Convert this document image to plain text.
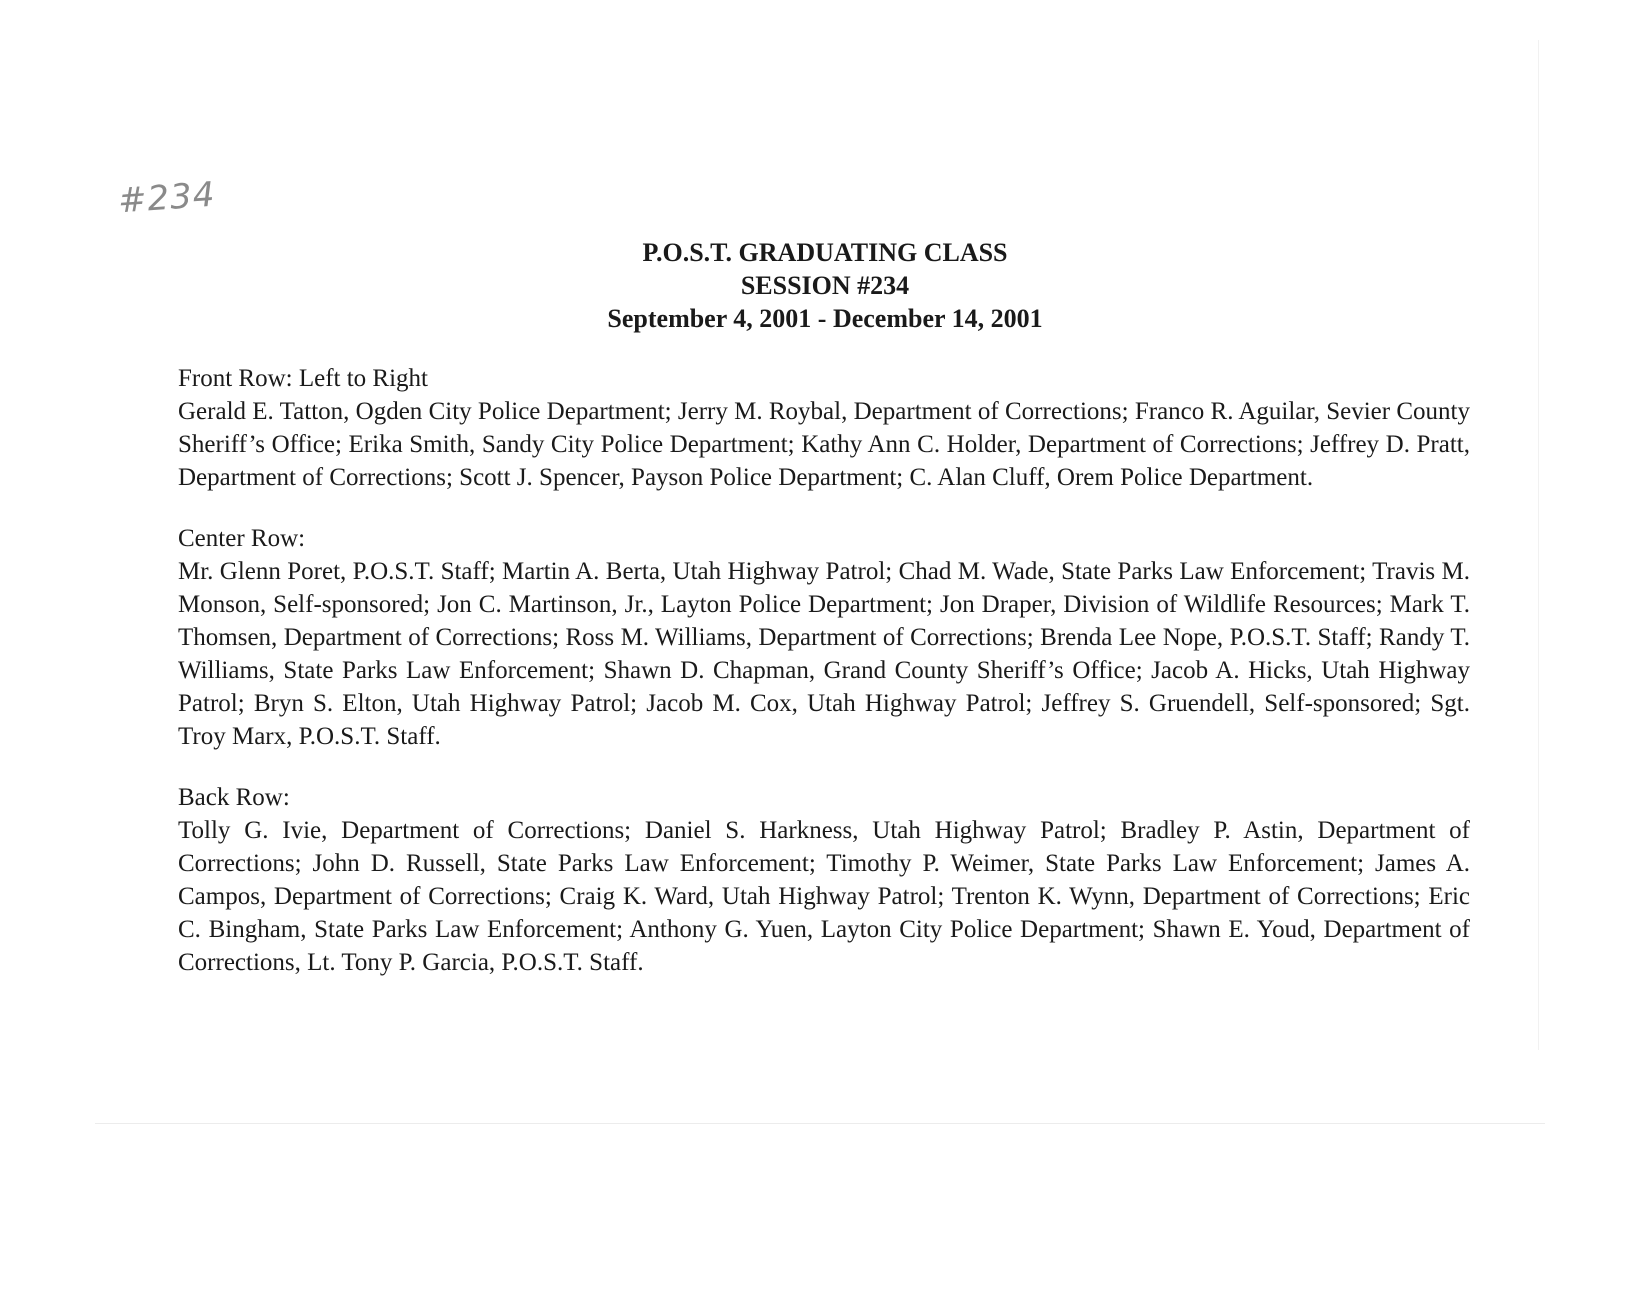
#234
P.O.S.T. GRADUATING CLASS
SESSION #234
September 4, 2001 - December 14, 2001
Front Row: Left to Right
Gerald E. Tatton, Ogden City Police Department; Jerry M. Roybal, Department of Corrections; Franco R. Aguilar, Sevier County Sheriff’s Office; Erika Smith, Sandy City Police Department; Kathy Ann C. Holder, Department of Corrections; Jeffrey D. Pratt, Department of Corrections; Scott J. Spencer, Payson Police Department; C. Alan Cluff, Orem Police Department.
Center Row:
Mr. Glenn Poret, P.O.S.T. Staff; Martin A. Berta, Utah Highway Patrol; Chad M. Wade, State Parks Law Enforcement; Travis M. Monson, Self-sponsored; Jon C. Martinson, Jr., Layton Police Department; Jon Draper, Division of Wildlife Resources; Mark T. Thomsen, Department of Corrections; Ross M. Williams, Department of Corrections; Brenda Lee Nope, P.O.S.T. Staff; Randy T. Williams, State Parks Law Enforcement; Shawn D. Chapman, Grand County Sheriff’s Office; Jacob A. Hicks, Utah Highway Patrol; Bryn S. Elton, Utah Highway Patrol; Jacob M. Cox, Utah Highway Patrol; Jeffrey S. Gruendell, Self-sponsored; Sgt. Troy Marx, P.O.S.T. Staff.
Back Row:
Tolly G. Ivie, Department of Corrections; Daniel S. Harkness, Utah Highway Patrol; Bradley P. Astin, Department of Corrections; John D. Russell, State Parks Law Enforcement; Timothy P. Weimer, State Parks Law Enforcement; James A. Campos, Department of Corrections; Craig K. Ward, Utah Highway Patrol; Trenton K. Wynn, Department of Corrections; Eric C. Bingham, State Parks Law Enforcement; Anthony G. Yuen, Layton City Police Department; Shawn E. Youd, Department of Corrections, Lt. Tony P. Garcia, P.O.S.T. Staff.
